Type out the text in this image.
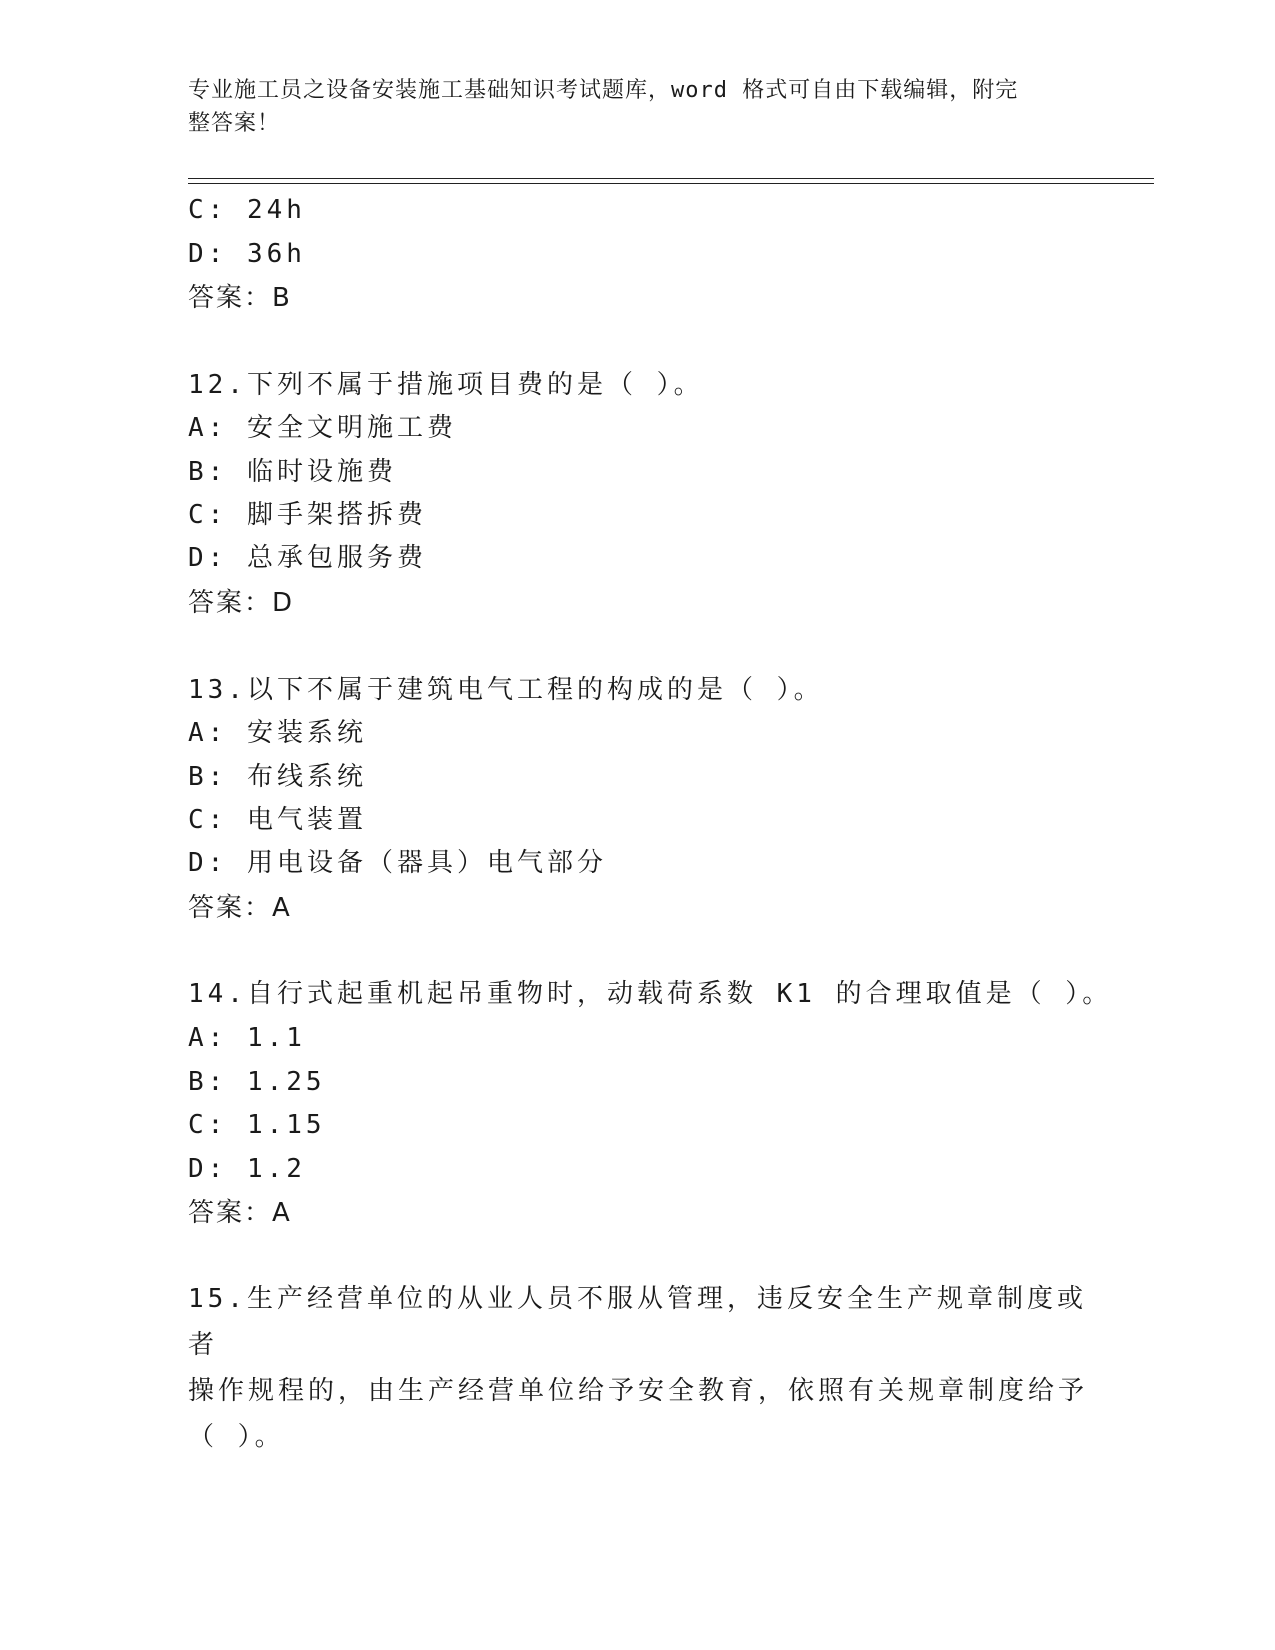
专业施工员之设备安装施工基础知识考试题库，word 格式可自由下载编辑，附完
整答案！
C: 24h
D: 36h
答案：B
12.下列不属于措施项目费的是（ ）。
A: 安全文明施工费
B: 临时设施费
C: 脚手架搭拆费
D: 总承包服务费
答案：D
13.以下不属于建筑电气工程的构成的是（ ）。
A: 安装系统
B: 布线系统
C: 电气装置
D: 用电设备（器具）电气部分
答案：A
14.自行式起重机起吊重物时，动载荷系数 K1 的合理取值是（ ）。
A: 1.1
B: 1.25
C: 1.15
D: 1.2
答案：A
15.生产经营单位的从业人员不服从管理，违反安全生产规章制度或者
操作规程的，由生产经营单位给予安全教育，依照有关规章制度给予
（ ）。
